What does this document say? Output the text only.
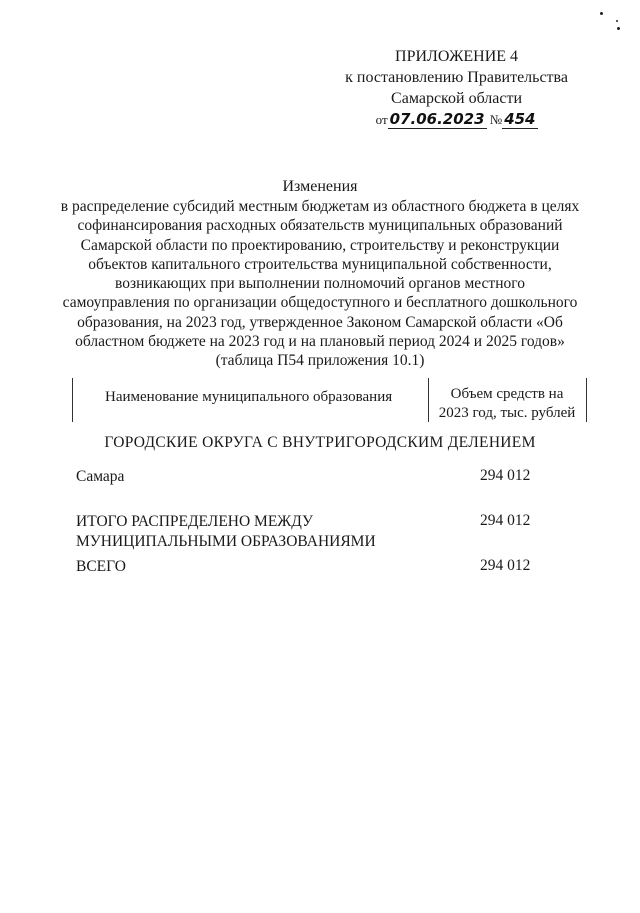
ПРИЛОЖЕНИЕ 4
к постановлению Правительства
Самарской области
от 07.06.2023 № 454
Изменения
в распределение субсидий местным бюджетам из областного бюджета в целях софинансирования расходных обязательств муниципальных образований Самарской области по проектированию, строительству и реконструкции объектов капитального строительства муниципальной собственности, возникающих при выполнении полномочий органов местного самоуправления по организации общедоступного и бесплатного дошкольного образования, на 2023 год, утвержденное Законом Самарской области «Об областном бюджете на 2023 год и на плановый период 2024 и 2025 годов» (таблица П54 приложения 10.1)
Наименование муниципального образования	Объем средств на
2023 год, тыс. рублей
ГОРОДСКИЕ ОКРУГА С ВНУТРИГОРОДСКИМ ДЕЛЕНИЕМ
Самара	294 012
ИТОГО РАСПРЕДЕЛЕНО МЕЖДУ
МУНИЦИПАЛЬНЫМИ ОБРАЗОВАНИЯМИ
294 012
ВСЕГО	294 012
